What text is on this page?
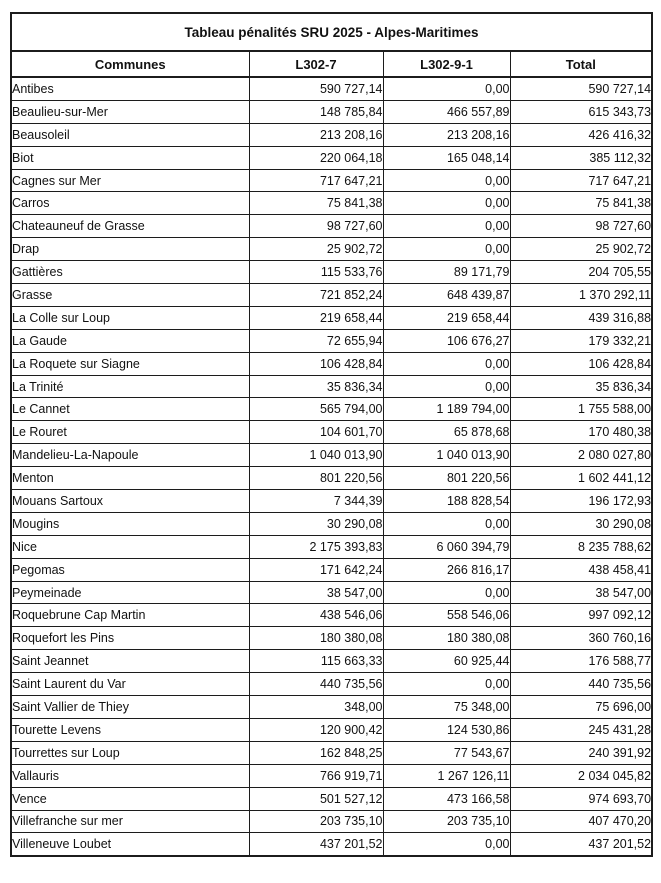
Tableau pénalités SRU 2025 - Alpes-Maritimes			
Communes	L302-7	L302-9-1	Total
Antibes	590 727,14	0,00	590 727,14
Beaulieu-sur-Mer	148 785,84	466 557,89	615 343,73
Beausoleil	213 208,16	213 208,16	426 416,32
Biot	220 064,18	165 048,14	385 112,32
Cagnes sur Mer	717 647,21	0,00	717 647,21
Carros	75 841,38	0,00	75 841,38
Chateauneuf de Grasse	98 727,60	0,00	98 727,60
Drap	25 902,72	0,00	25 902,72
Gattières	115 533,76	89 171,79	204 705,55
Grasse	721 852,24	648 439,87	1 370 292,11
La Colle sur Loup	219 658,44	219 658,44	439 316,88
La Gaude	72 655,94	106 676,27	179 332,21
La Roquete sur Siagne	106 428,84	0,00	106 428,84
La Trinité	35 836,34	0,00	35 836,34
Le Cannet	565 794,00	1 189 794,00	1 755 588,00
Le Rouret	104 601,70	65 878,68	170 480,38
Mandelieu-La-Napoule	1 040 013,90	1 040 013,90	2 080 027,80
Menton	801 220,56	801 220,56	1 602 441,12
Mouans Sartoux	7 344,39	188 828,54	196 172,93
Mougins	30 290,08	0,00	30 290,08
Nice	2 175 393,83	6 060 394,79	8 235 788,62
Pegomas	171 642,24	266 816,17	438 458,41
Peymeinade	38 547,00	0,00	38 547,00
Roquebrune Cap Martin	438 546,06	558 546,06	997 092,12
Roquefort les Pins	180 380,08	180 380,08	360 760,16
Saint Jeannet	115 663,33	60 925,44	176 588,77
Saint Laurent du Var	440 735,56	0,00	440 735,56
Saint Vallier de Thiey	348,00	75 348,00	75 696,00
Tourette Levens	120 900,42	124 530,86	245 431,28
Tourrettes sur Loup	162 848,25	77 543,67	240 391,92
Vallauris	766 919,71	1 267 126,11	2 034 045,82
Vence	501 527,12	473 166,58	974 693,70
Villefranche sur mer	203 735,10	203 735,10	407 470,20
Villeneuve Loubet	437 201,52	0,00	437 201,52
